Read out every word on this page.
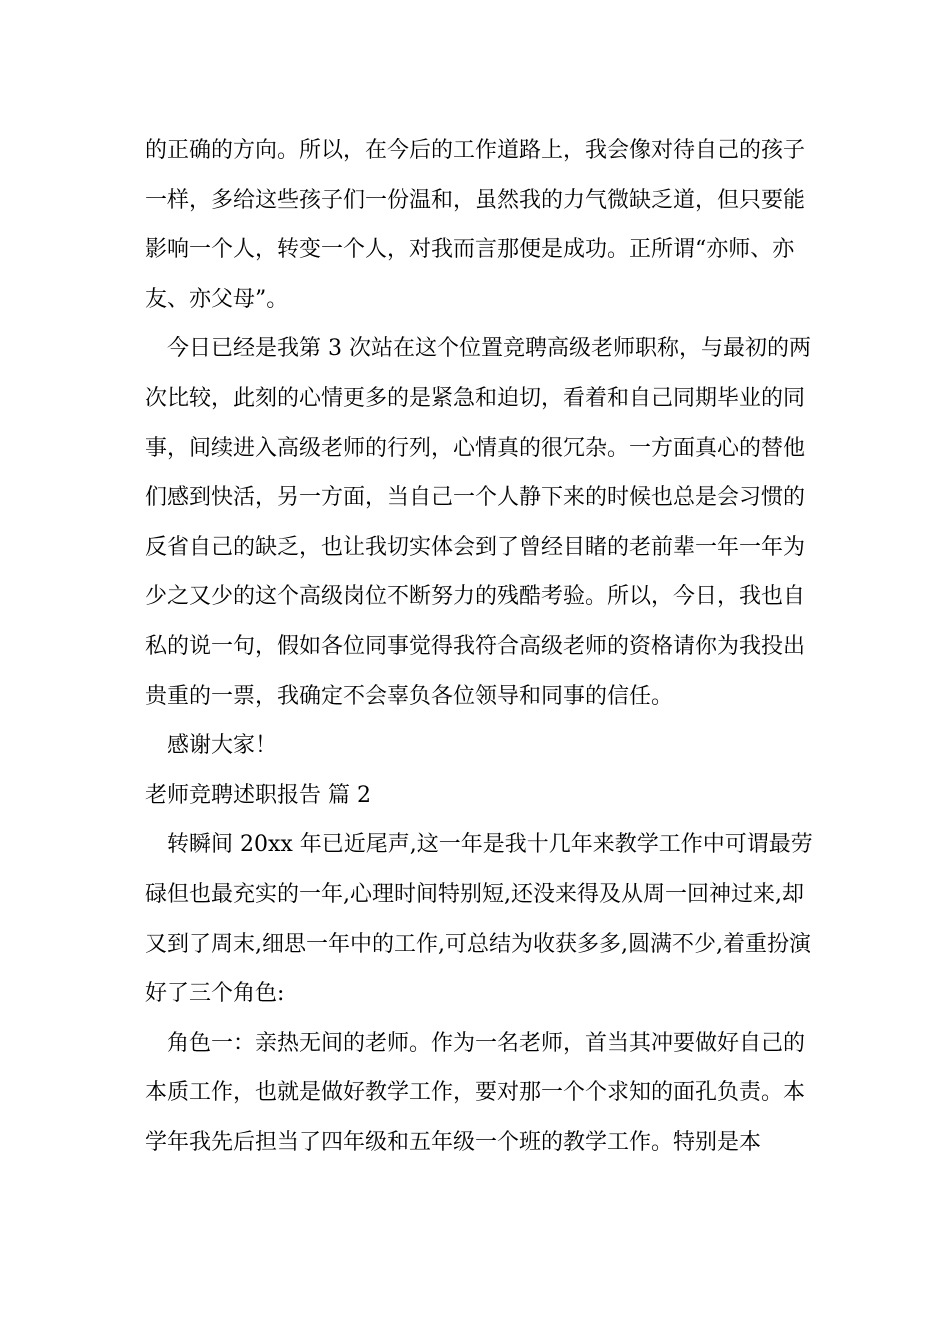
的正确的方向。所以，在今后的工作道路上，我会像对待自己的孩子一样，多给这些孩子们一份温和，虽然我的力气微缺乏道，但只要能影响一个人，转变一个人，对我而言那便是成功。正所谓“亦师、亦友、亦父母”。

今日已经是我第 3 次站在这个位置竞聘高级老师职称，与最初的两次比较，此刻的心情更多的是紧急和迫切，看着和自己同期毕业的同事，间续进入高级老师的行列，心情真的很冗杂。一方面真心的替他们感到快活，另一方面，当自己一个人静下来的时候也总是会习惯的反省自己的缺乏，也让我切实体会到了曾经目睹的老前辈一年一年为少之又少的这个高级岗位不断努力的残酷考验。所以，今日，我也自私的说一句，假如各位同事觉得我符合高级老师的资格请你为我投出贵重的一票，我确定不会辜负各位领导和同事的信任。

感谢大家！

老师竞聘述职报告 篇 2

转瞬间 20xx 年已近尾声,这一年是我十几年来教学工作中可谓最劳碌但也最充实的一年,心理时间特别短,还没来得及从周一回神过来,却又到了周末,细思一年中的工作,可总结为收获多多,圆满不少,着重扮演好了三个角色:

角色一：亲热无间的老师。作为一名老师，首当其冲要做好自己的本质工作，也就是做好教学工作，要对那一个个求知的面孔负责。本学年我先后担当了四年级和五年级一个班的教学工作。特别是本
